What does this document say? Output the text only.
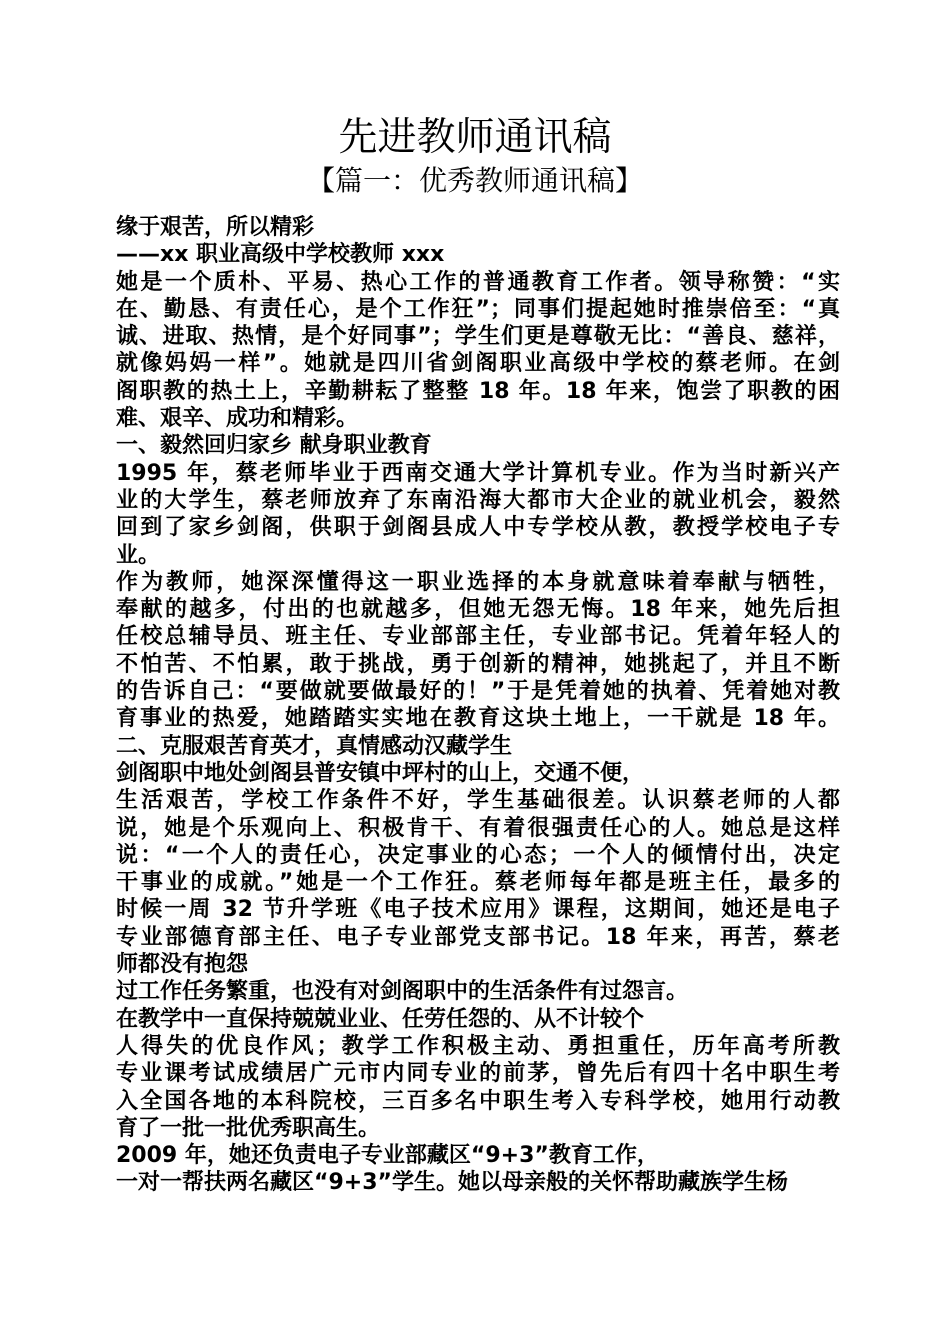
先进教师通讯稿
【篇一：优秀教师通讯稿】
缘于艰苦，所以精彩
——xx 职业高级中学校教师 xxx
她是一个质朴、平易、热心工作的普通教育工作者。领导称赞：“实
在、勤恳、有责任心，是个工作狂”；同事们提起她时推崇倍至：“真
诚、进取、热情，是个好同事”；学生们更是尊敬无比：“善良、慈祥，
就像妈妈一样”。她就是四川省剑阁职业高级中学校的蔡老师。在剑
阁职教的热土上，辛勤耕耘了整整 18 年。18 年来，饱尝了职教的困
难、艰辛、成功和精彩。
一、毅然回归家乡 献身职业教育
1995 年，蔡老师毕业于西南交通大学计算机专业。作为当时新兴产
业的大学生，蔡老师放弃了东南沿海大都市大企业的就业机会，毅然
回到了家乡剑阁，供职于剑阁县成人中专学校从教，教授学校电子专
业。
作为教师，她深深懂得这一职业选择的本身就意味着奉献与牺牲，
奉献的越多，付出的也就越多，但她无怨无悔。18 年来，她先后担
任校总辅导员、班主任、专业部部主任，专业部书记。凭着年轻人的
不怕苦、不怕累，敢于挑战，勇于创新的精神，她挑起了，并且不断
的告诉自己：“要做就要做最好的！”于是凭着她的执着、凭着她对教
育事业的热爱，她踏踏实实地在教育这块土地上，一干就是 18 年。
二、克服艰苦育英才，真情感动汉藏学生
剑阁职中地处剑阁县普安镇中坪村的山上，交通不便，
生活艰苦，学校工作条件不好，学生基础很差。认识蔡老师的人都
说，她是个乐观向上、积极肯干、有着很强责任心的人。她总是这样
说：“一个人的责任心，决定事业的心态；一个人的倾情付出，决定
干事业的成就。”她是一个工作狂。蔡老师每年都是班主任，最多的
时候一周 32 节升学班《电子技术应用》课程，这期间，她还是电子
专业部德育部主任、电子专业部党支部书记。18 年来，再苦，蔡老
师都没有抱怨
过工作任务繁重，也没有对剑阁职中的生活条件有过怨言。
在教学中一直保持兢兢业业、任劳任怨的、从不计较个
人得失的优良作风；教学工作积极主动、勇担重任，历年高考所教
专业课考试成绩居广元市内同专业的前茅，曾先后有四十名中职生考
入全国各地的本科院校，三百多名中职生考入专科学校，她用行动教
育了一批一批优秀职高生。
2009 年，她还负责电子专业部藏区“9+3”教育工作，
一对一帮扶两名藏区“9+3”学生。她以母亲般的关怀帮助藏族学生杨
